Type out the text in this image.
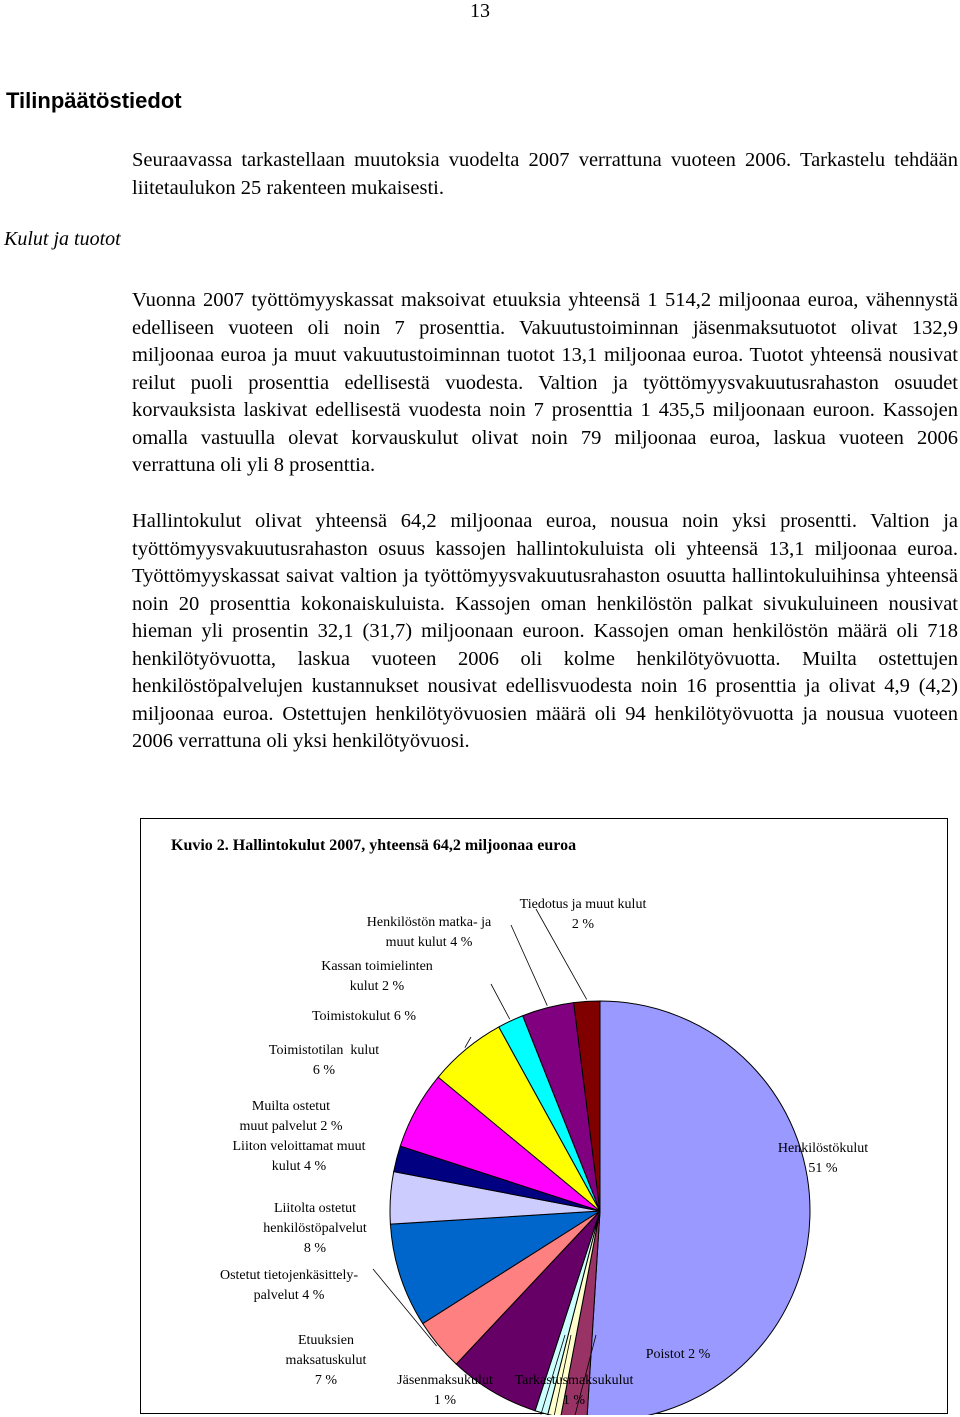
13
Tilinpäätöstiedot
Kulut ja tuotot
Seuraavassa tarkastellaan muutoksia vuodelta 2007 verrattuna vuoteen 2006. Tarkastelu tehdään liitetaulukon 25 rakenteen mukaisesti.
Vuonna 2007 työttömyyskassat maksoivat etuuksia yhteensä 1 514,2 miljoonaa euroa, vähennystä edelliseen vuoteen oli noin 7 prosenttia. Vakuutustoiminnan jäsenmaksutuotot olivat 132,9 miljoonaa euroa ja muut vakuutustoiminnan tuotot 13,1 miljoonaa euroa. Tuotot yhteensä nousivat reilut puoli prosenttia edellisestä vuodesta. Valtion ja työttömyysvakuutusrahaston osuudet korvauksista laskivat edellisestä vuodesta noin 7 prosenttia 1 435,5 miljoonaan euroon. Kassojen omalla vastuulla olevat korvauskulut olivat noin 79 miljoonaa euroa, laskua vuoteen 2006 verrattuna oli yli 8 prosenttia.
Hallintokulut olivat yhteensä 64,2 miljoonaa euroa, nousua noin yksi prosentti. Valtion ja työttömyysvakuutusrahaston osuus kassojen hallintokuluista oli yhteensä 13,1 miljoonaa euroa. Työttömyyskassat saivat valtion ja työttömyysvakuutusrahaston osuutta hallintokuluihinsa yhteensä noin 20 prosenttia kokonaiskuluista. Kassojen oman henkilöstön palkat sivukuluineen nousivat hieman yli prosentin 32,1 (31,7) miljoonaan euroon. Kassojen oman henkilöstön määrä oli 718 henkilötyövuotta, laskua vuoteen 2006 oli kolme henkilötyövuotta. Muilta ostettujen henkilöstöpalvelujen kustannukset nousivat edellisvuodesta noin 16 prosenttia ja olivat 4,9 (4,2) miljoonaa euroa. Ostettujen henkilötyövuosien määrä oli 94 henkilötyövuotta ja nousua vuoteen 2006 verrattuna oli yksi henkilötyövuosi.
Kuvio 2. Hallintokulut 2007, yhteensä 64,2 miljoonaa euroa
Henkilöstökulut
51 %
Poistot 2 %
Tarkastusmaksukulut
1 %
Jäsenmaksukulut
1 %
Etuuksien
maksatuskulut
7 %
Ostetut tietojenkäsittely-
palvelut 4 %
Liitolta ostetut
henkilöstöpalvelut
8 %
Liiton veloittamat muut
kulut 4 %
Muilta ostetut
muut palvelut 2 %
Toimistotilan  kulut
6 %
Toimistokulut 6 %
Kassan toimielinten
kulut 2 %
Henkilöstön matka- ja
muut kulut 4 %
Tiedotus ja muut kulut
2 %
